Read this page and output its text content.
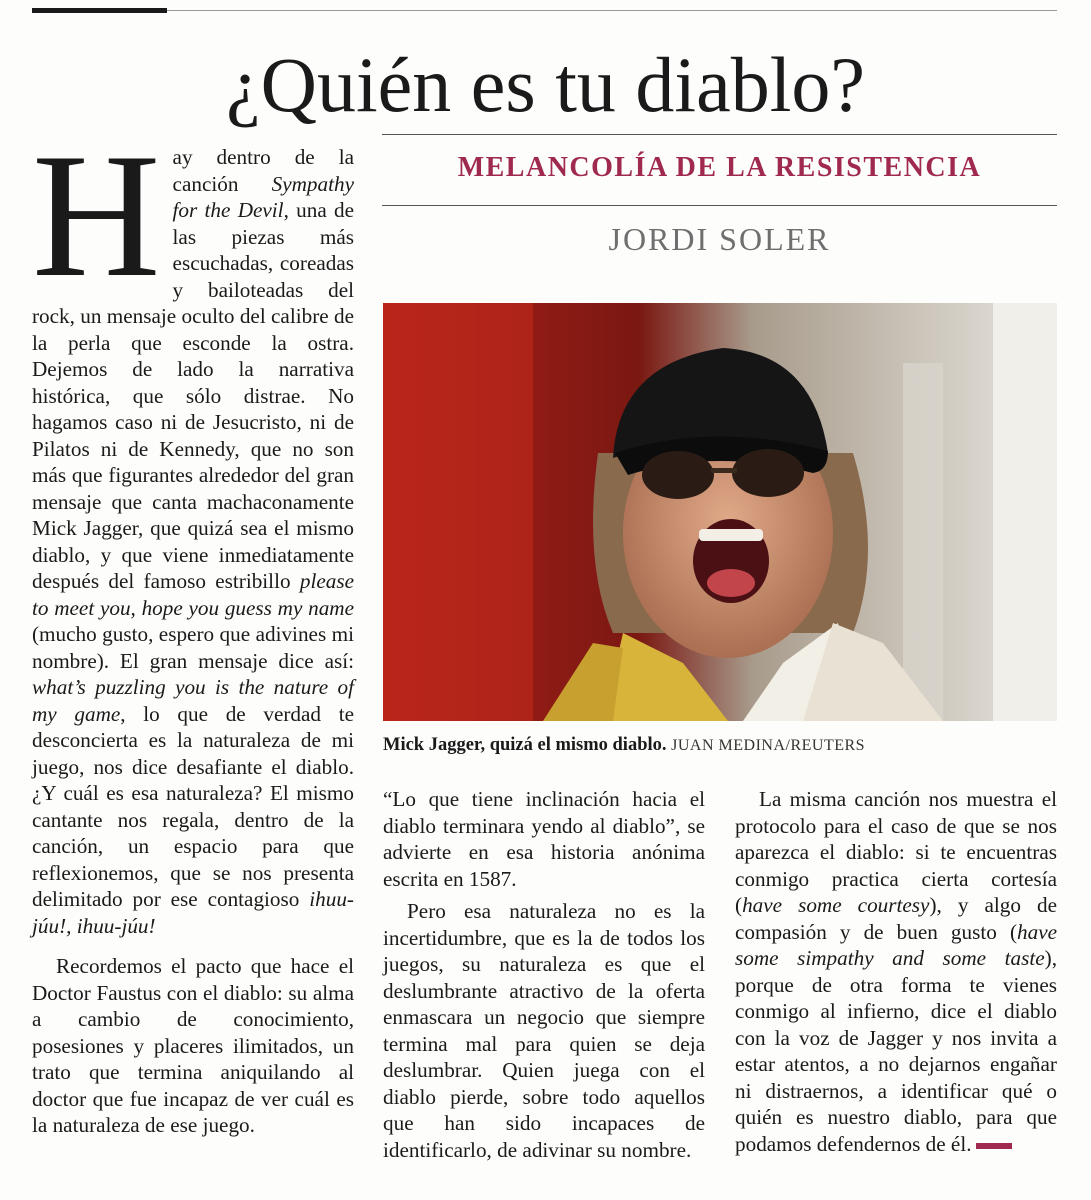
¿Quién es tu diablo?
MELANCOLÍA DE LA RESISTENCIA
JORDI SOLER

Hay dentro de la canción Sympathy for the Devil, una de las piezas más escuchadas, coreadas y bailoteadas del rock, un mensaje oculto del calibre de la perla que esconde la ostra. Dejemos de lado la narrativa histórica, que sólo distrae. No hagamos caso ni de Jesucristo, ni de Pilatos ni de Kennedy, que no son más que figurantes alrededor del gran mensaje que canta machaconamente Mick Jagger, que quizá sea el mismo diablo, y que viene inmediatamente después del famoso estribillo please to meet you, hope you guess my name (mucho gusto, espero que adivines mi nombre). El gran mensaje dice así: what’s puzzling you is the nature of my game, lo que de verdad te desconcierta es la naturaleza de mi juego, nos dice desafiante el diablo. ¿Y cuál es esa naturaleza? El mismo cantante nos regala, dentro de la canción, un espacio para que reflexionemos, que se nos presenta delimitado por ese contagioso ihuu-júu!, ihuu-júu!

Recordemos el pacto que hace el Doctor Faustus con el diablo: su alma a cambio de conocimiento, posesiones y placeres ilimitados, un trato que termina aniquilando al doctor que fue incapaz de ver cuál es la naturaleza de ese juego.

Mick Jagger, quizá el mismo diablo. JUAN MEDINA/REUTERS

“Lo que tiene inclinación hacia el diablo terminara yendo al diablo”, se advierte en esa historia anónima escrita en 1587.

Pero esa naturaleza no es la incertidumbre, que es la de todos los juegos, su naturaleza es que el deslumbrante atractivo de la oferta enmascara un negocio que siempre termina mal para quien se deja deslumbrar. Quien juega con el diablo pierde, sobre todo aquellos que han sido incapaces de identificarlo, de adivinar su nombre.

La misma canción nos muestra el protocolo para el caso de que se nos aparezca el diablo: si te encuentras conmigo practica cierta cortesía (have some courtesy), y algo de compasión y de buen gusto (have some simpathy and some taste), porque de otra forma te vienes conmigo al infierno, dice el diablo con la voz de Jagger y nos invita a estar atentos, a no dejarnos engañar ni distraernos, a identificar qué o quién es nuestro diablo, para que podamos defendernos de él.
